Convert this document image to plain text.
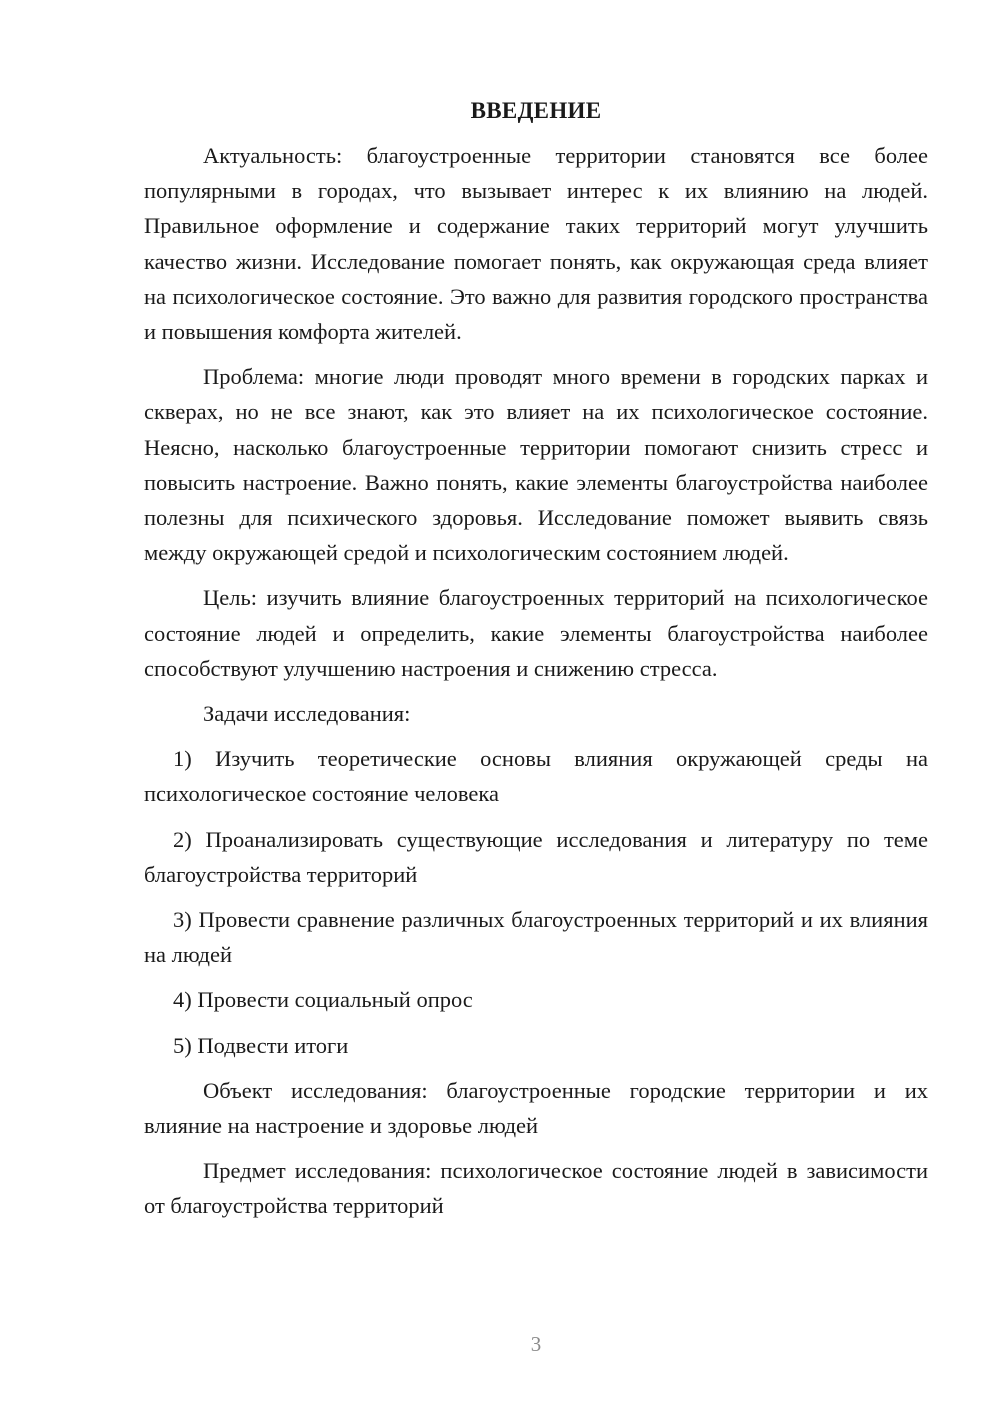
ВВЕДЕНИЕ

Актуальность: благоустроенные территории становятся все более популярными в городах, что вызывает интерес к их влиянию на людей. Правильное оформление и содержание таких территорий могут улучшить качество жизни. Исследование помогает понять, как окружающая среда влияет на психологическое состояние. Это важно для развития городского пространства и повышения комфорта жителей.

Проблема: многие люди проводят много времени в городских парках и скверах, но не все знают, как это влияет на их психологическое состояние. Неясно, насколько благоустроенные территории помогают снизить стресс и повысить настроение. Важно понять, какие элементы благоустройства наиболее полезны для психического здоровья. Исследование поможет выявить связь между окружающей средой и психологическим состоянием людей.

Цель: изучить влияние благоустроенных территорий на психологическое состояние людей и определить, какие элементы благоустройства наиболее способствуют улучшению настроения и снижению стресса.

Задачи исследования:

1) Изучить теоретические основы влияния окружающей среды на психологическое состояние человека

2) Проанализировать существующие исследования и литературу по теме благоустройства территорий

3) Провести сравнение различных благоустроенных территорий и их влияния на людей

4) Провести социальный опрос

5) Подвести итоги

Объект исследования: благоустроенные городские территории и их влияние на настроение и здоровье людей

Предмет исследования: психологическое состояние людей в зависимости от благоустройства территорий

3
